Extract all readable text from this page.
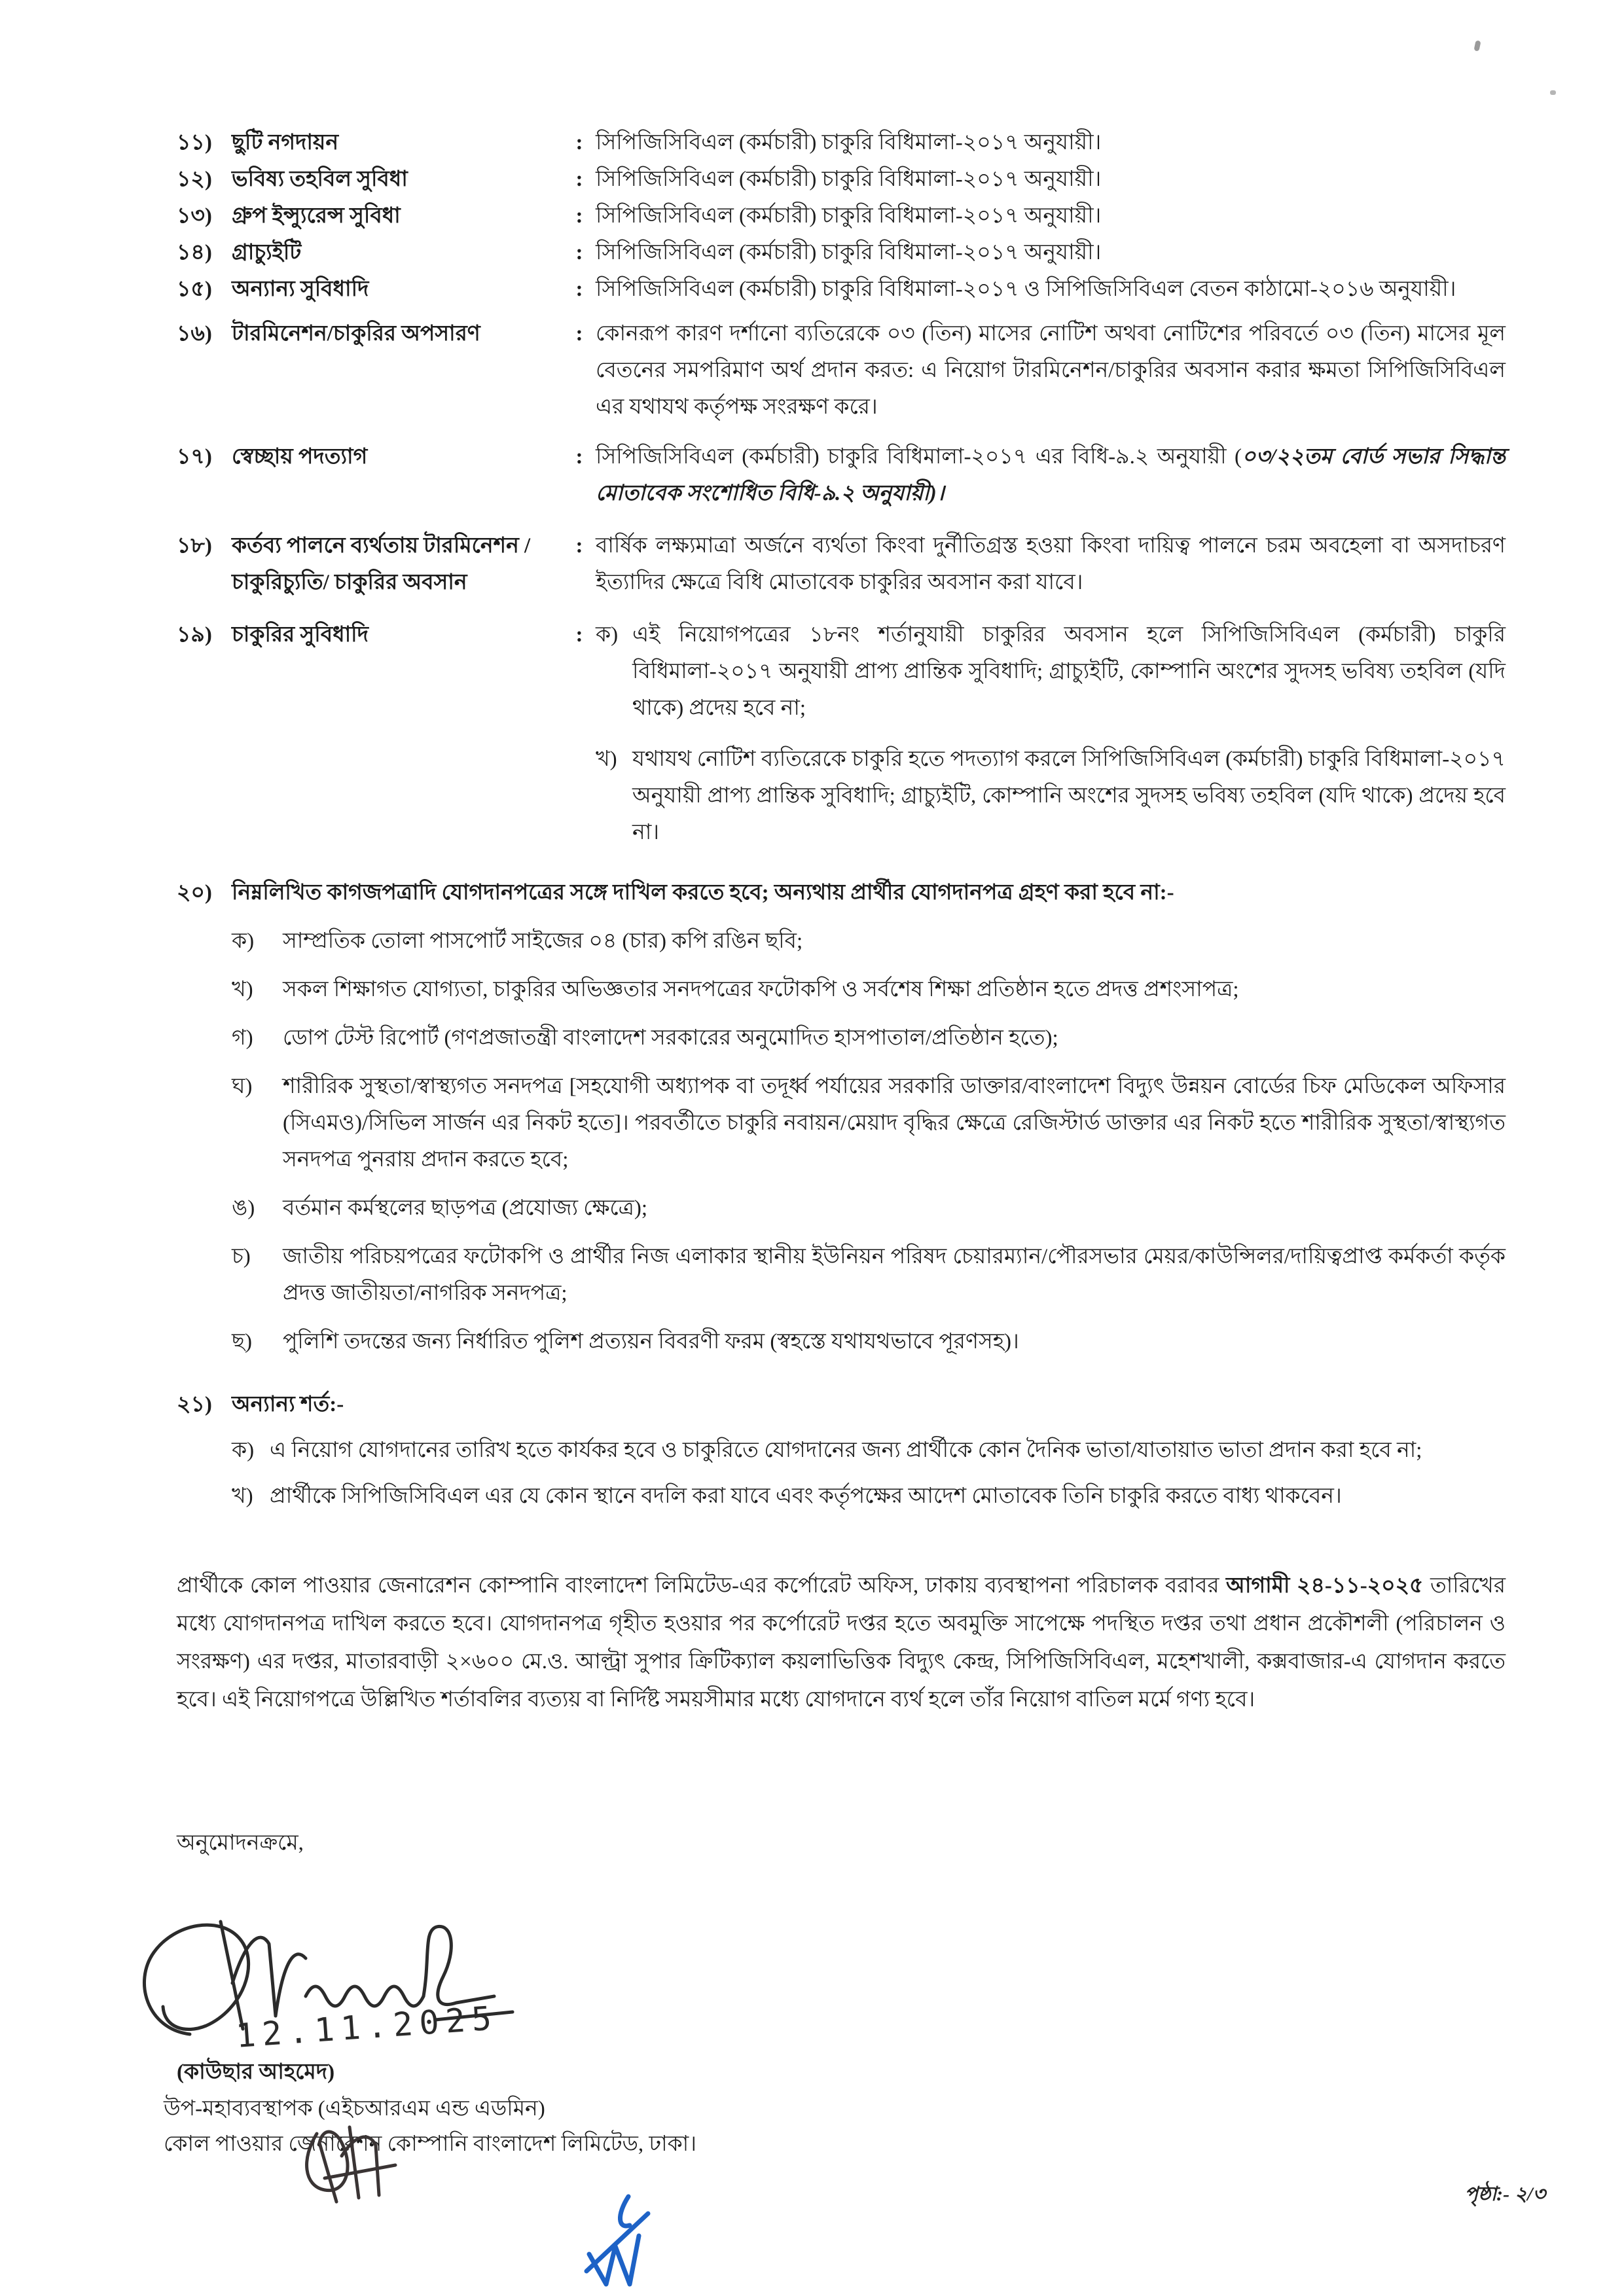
১১) ছুটি নগদায়ন	: সিপিজিসিবিএল (কর্মচারী) চাকুরি বিধিমালা-২০১৭ অনুযায়ী।
১২) ভবিষ্য তহবিল সুবিধা	: সিপিজিসিবিএল (কর্মচারী) চাকুরি বিধিমালা-২০১৭ অনুযায়ী।
১৩) গ্রুপ ইন্স্যুরেন্স সুবিধা	: সিপিজিসিবিএল (কর্মচারী) চাকুরি বিধিমালা-২০১৭ অনুযায়ী।
১৪) গ্রাচ্যুইটি	: সিপিজিসিবিএল (কর্মচারী) চাকুরি বিধিমালা-২০১৭ অনুযায়ী।
১৫) অন্যান্য সুবিধাদি	: সিপিজিসিবিএল (কর্মচারী) চাকুরি বিধিমালা-২০১৭ ও সিপিজিসিবিএল বেতন কাঠামো-২০১৬ অনুযায়ী।
১৬) টারমিনেশন/চাকুরির অপসারণ	: কোনরূপ কারণ দর্শানো ব্যতিরেকে ০৩ (তিন) মাসের নোটিশ অথবা নোটিশের পরিবর্তে ০৩ (তিন) মাসের মূল বেতনের সমপরিমাণ অর্থ প্রদান করত: এ নিয়োগ টারমিনেশন/চাকুরির অবসান করার ক্ষমতা সিপিজিসিবিএল এর যথাযথ কর্তৃপক্ষ সংরক্ষণ করে।
১৭) স্বেচ্ছায় পদত্যাগ	: সিপিজিসিবিএল (কর্মচারী) চাকুরি বিধিমালা-২০১৭ এর বিধি-৯.২ অনুযায়ী (০৩/২২তম বোর্ড সভার সিদ্ধান্ত মোতাবেক সংশোধিত বিধি-৯.২ অনুযায়ী)।
১৮) কর্তব্য পালনে ব্যর্থতায় টারমিনেশন /চাকুরিচ্যুতি/ চাকুরির অবসান
: বার্ষিক লক্ষ্যমাত্রা অর্জনে ব্যর্থতা কিংবা দুর্নীতিগ্রস্ত হওয়া কিংবা দায়িত্ব পালনে চরম অবহেলা বা অসদাচরণ ইত্যাদির ক্ষেত্রে বিধি মোতাবেক চাকুরির অবসান করা যাবে।
১৯) চাকুরির সুবিধাদি	: ক) এই নিয়োগপত্রের ১৮নং শর্তানুযায়ী চাকুরির অবসান হলে সিপিজিসিবিএল (কর্মচারী) চাকুরি বিধিমালা-২০১৭ অনুযায়ী প্রাপ্য প্রান্তিক সুবিধাদি; গ্রাচ্যুইটি, কোম্পানি অংশের সুদসহ ভবিষ্য তহবিল (যদি থাকে) প্রদেয় হবে না;
খ) যথাযথ নোটিশ ব্যতিরেকে চাকুরি হতে পদত্যাগ করলে সিপিজিসিবিএল (কর্মচারী) চাকুরি বিধিমালা-২০১৭ অনুযায়ী প্রাপ্য প্রান্তিক সুবিধাদি; গ্রাচ্যুইটি, কোম্পানি অংশের সুদসহ ভবিষ্য তহবিল (যদি থাকে) প্রদেয় হবে না।
২০) নিম্নলিখিত কাগজপত্রাদি যোগদানপত্রের সঙ্গে দাখিল করতে হবে; অন্যথায় প্রার্থীর যোগদানপত্র গ্রহণ করা হবে না:-
ক)	সাম্প্রতিক তোলা পাসপোর্ট সাইজের ০৪ (চার) কপি রঙিন ছবি;
খ)	সকল শিক্ষাগত যোগ্যতা, চাকুরির অভিজ্ঞতার সনদপত্রের ফটোকপি ও সর্বশেষ শিক্ষা প্রতিষ্ঠান হতে প্রদত্ত প্রশংসাপত্র;
গ)	ডোপ টেস্ট রিপোর্ট (গণপ্রজাতন্ত্রী বাংলাদেশ সরকারের অনুমোদিত হাসপাতাল/প্রতিষ্ঠান হতে);
ঘ)	শারীরিক সুস্থতা/স্বাস্থ্যগত সনদপত্র [সহযোগী অধ্যাপক বা তদূর্ধ্ব পর্যায়ের সরকারি ডাক্তার/বাংলাদেশ বিদ্যুৎ উন্নয়ন বোর্ডের চিফ মেডিকেল অফিসার (সিএমও)/সিভিল সার্জন এর নিকট হতে]। পরবর্তীতে চাকুরি নবায়ন/মেয়াদ বৃদ্ধির ক্ষেত্রে রেজিস্টার্ড ডাক্তার এর নিকট হতে শারীরিক সুস্থতা/স্বাস্থ্যগত সনদপত্র পুনরায় প্রদান করতে হবে;
ঙ)	বর্তমান কর্মস্থলের ছাড়পত্র (প্রযোজ্য ক্ষেত্রে);
চ)	জাতীয় পরিচয়পত্রের ফটোকপি ও প্রার্থীর নিজ এলাকার স্থানীয় ইউনিয়ন পরিষদ চেয়ারম্যান/পৌরসভার মেয়র/কাউন্সিলর/দায়িত্বপ্রাপ্ত কর্মকর্তা কর্তৃক প্রদত্ত জাতীয়তা/নাগরিক সনদপত্র;
ছ)	পুলিশি তদন্তের জন্য নির্ধারিত পুলিশ প্রত্যয়ন বিবরণী ফরম (স্বহস্তে যথাযথভাবে পূরণসহ)।
২১) অন্যান্য শর্ত:-
ক) এ নিয়োগ যোগদানের তারিখ হতে কার্যকর হবে ও চাকুরিতে যোগদানের জন্য প্রার্থীকে কোন দৈনিক ভাতা/যাতায়াত ভাতা প্রদান করা হবে না;
খ) প্রার্থীকে সিপিজিসিবিএল এর যে কোন স্থানে বদলি করা যাবে এবং কর্তৃপক্ষের আদেশ মোতাবেক তিনি চাকুরি করতে বাধ্য থাকবেন।
প্রার্থীকে কোল পাওয়ার জেনারেশন কোম্পানি বাংলাদেশ লিমিটেড-এর কর্পোরেট অফিস, ঢাকায় ব্যবস্থাপনা পরিচালক বরাবর আগামী ২৪-১১-২০২৫ তারিখের মধ্যে যোগদানপত্র দাখিল করতে হবে। যোগদানপত্র গৃহীত হওয়ার পর কর্পোরেট দপ্তর হতে অবমুক্তি সাপেক্ষে পদস্থিত দপ্তর তথা প্রধান প্রকৌশলী (পরিচালন ও সংরক্ষণ) এর দপ্তর, মাতারবাড়ী ২×৬০০ মে.ও. আল্ট্রা সুপার ক্রিটিক্যাল কয়লাভিত্তিক বিদ্যুৎ কেন্দ্র, সিপিজিসিবিএল, মহেশখালী, কক্সবাজার-এ যোগদান করতে হবে। এই নিয়োগপত্রে উল্লিখিত শর্তাবলির ব্যত্যয় বা নির্দিষ্ট সময়সীমার মধ্যে যোগদানে ব্যর্থ হলে তাঁর নিয়োগ বাতিল মর্মে গণ্য হবে।
অনুমোদনক্রমে,
12.11.2025
(কাউছার আহমেদ)
উপ-মহাব্যবস্থাপক (এইচআরএম এন্ড এডমিন)
কোল পাওয়ার জেনারেশন কোম্পানি বাংলাদেশ লিমিটেড, ঢাকা।
পৃষ্ঠা:- ২/৩
